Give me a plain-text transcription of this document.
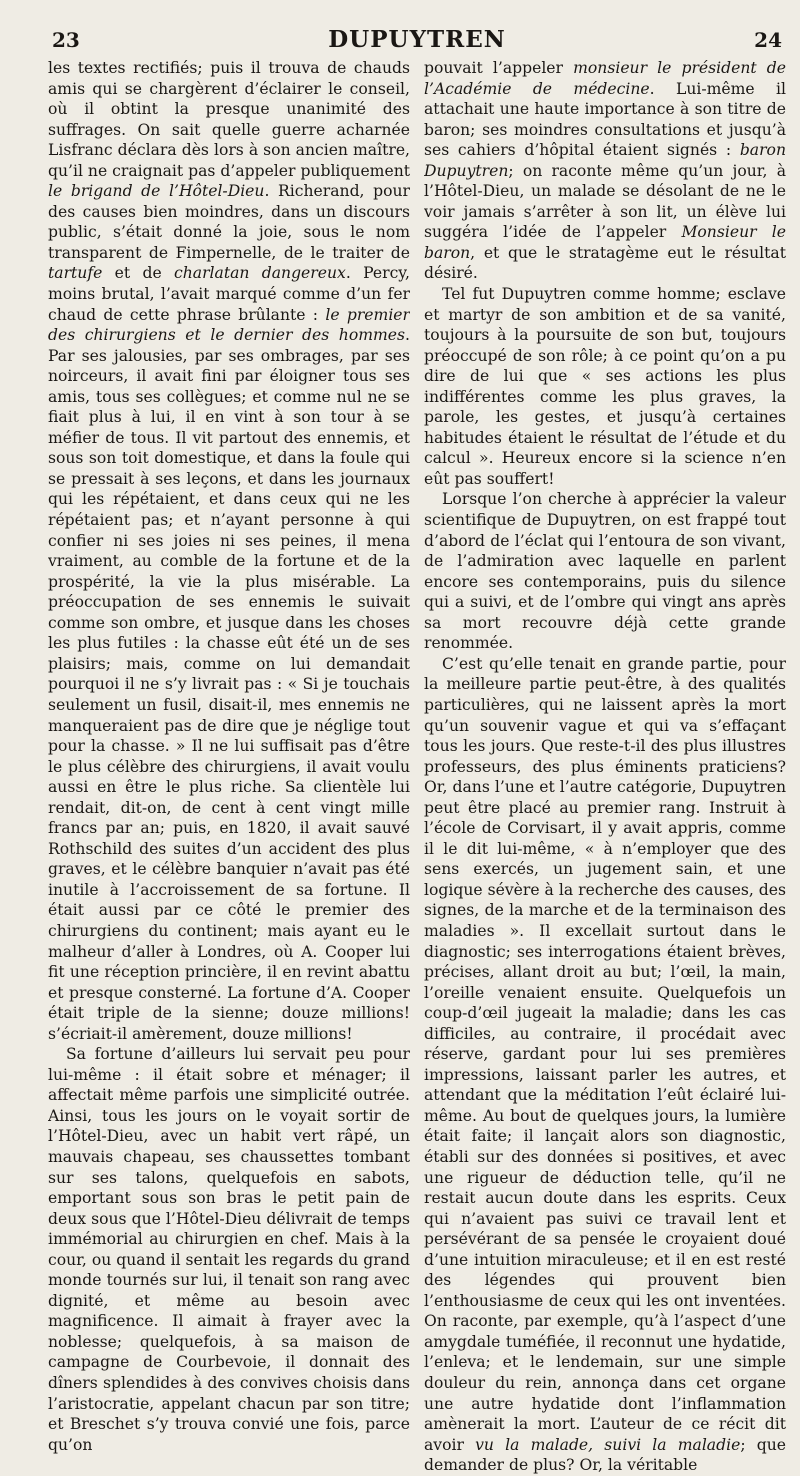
23	DUPUYTREN	24

les textes rectifiés; puis il trouva de chauds amis qui se chargèrent d’éclairer le conseil, où il obtint la presque unanimité des suffrages. On sait quelle guerre acharnée Lisfranc déclara dès lors à son ancien maître, qu’il ne craignait pas d’appeler publiquement le brigand de l’Hôtel-Dieu. Richerand, pour des causes bien moindres, dans un discours public, s’était donné la joie, sous le nom transparent de Fimpernelle, de le traiter de tartufe et de charlatan dangereux. Percy, moins brutal, l’avait marqué comme d’un fer chaud de cette phrase brûlante : le premier des chirurgiens et le dernier des hommes. Par ses jalousies, par ses ombrages, par ses noirceurs, il avait fini par éloigner tous ses amis, tous ses collègues; et comme nul ne se fiait plus à lui, il en vint à son tour à se méfier de tous. Il vit partout des ennemis, et sous son toit domestique, et dans la foule qui se pressait à ses leçons, et dans les journaux qui les répétaient, et dans ceux qui ne les répétaient pas; et n’ayant personne à qui confier ni ses joies ni ses peines, il mena vraiment, au comble de la fortune et de la prospérité, la vie la plus misérable. La préoccupation de ses ennemis le suivait comme son ombre, et jusque dans les choses les plus futiles : la chasse eût été un de ses plaisirs; mais, comme on lui demandait pourquoi il ne s’y livrait pas : « Si je touchais seulement un fusil, disait-il, mes ennemis ne manqueraient pas de dire que je néglige tout pour la chasse. » Il ne lui suffisait pas d’être le plus célèbre des chirurgiens, il avait voulu aussi en être le plus riche. Sa clientèle lui rendait, dit-on, de cent à cent vingt mille francs par an; puis, en 1820, il avait sauvé Rothschild des suites d’un accident des plus graves, et le célèbre banquier n’avait pas été inutile à l’accroissement de sa fortune. Il était aussi par ce côté le premier des chirurgiens du continent; mais ayant eu le malheur d’aller à Londres, où A. Cooper lui fit une réception princière, il en revint abattu et presque consterné. La fortune d’A. Cooper était triple de la sienne; douze millions! s’écriait-il amèrement, douze millions!

Sa fortune d’ailleurs lui servait peu pour lui-même : il était sobre et ménager; il affectait même parfois une simplicité outrée. Ainsi, tous les jours on le voyait sortir de l’Hôtel-Dieu, avec un habit vert râpé, un mauvais chapeau, ses chaussettes tombant sur ses talons, quelquefois en sabots, emportant sous son bras le petit pain de deux sous que l’Hôtel-Dieu délivrait de temps immémorial au chirurgien en chef. Mais à la cour, ou quand il sentait les regards du grand monde tournés sur lui, il tenait son rang avec dignité, et même au besoin avec magnificence. Il aimait à frayer avec la noblesse; quelquefois, à sa maison de campagne de Courbevoie, il donnait des dîners splendides à des convives choisis dans l’aristocratie, appelant chacun par son titre; et Breschet s’y trouva convié une fois, parce qu’on

pouvait l’appeler monsieur le président de l’Académie de médecine. Lui-même il attachait une haute importance à son titre de baron; ses moindres consultations et jusqu’à ses cahiers d’hôpital étaient signés : baron Dupuytren; on raconte même qu’un jour, à l’Hôtel-Dieu, un malade se désolant de ne le voir jamais s’arrêter à son lit, un élève lui suggéra l’idée de l’appeler Monsieur le baron, et que le stratagème eut le résultat désiré.

Tel fut Dupuytren comme homme; esclave et martyr de son ambition et de sa vanité, toujours à la poursuite de son but, toujours préoccupé de son rôle; à ce point qu’on a pu dire de lui que « ses actions les plus indifférentes comme les plus graves, la parole, les gestes, et jusqu’à certaines habitudes étaient le résultat de l’étude et du calcul ». Heureux encore si la science n’en eût pas souffert!

Lorsque l’on cherche à apprécier la valeur scientifique de Dupuytren, on est frappé tout d’abord de l’éclat qui l’entoura de son vivant, de l’admiration avec laquelle en parlent encore ses contemporains, puis du silence qui a suivi, et de l’ombre qui vingt ans après sa mort recouvre déjà cette grande renommée.

C’est qu’elle tenait en grande partie, pour la meilleure partie peut-être, à des qualités particulières, qui ne laissent après la mort qu’un souvenir vague et qui va s’effaçant tous les jours. Que reste-t-il des plus illustres professeurs, des plus éminents praticiens? Or, dans l’une et l’autre catégorie, Dupuytren peut être placé au premier rang. Instruit à l’école de Corvisart, il y avait appris, comme il le dit lui-même, « à n’employer que des sens exercés, un jugement sain, et une logique sévère à la recherche des causes, des signes, de la marche et de la terminaison des maladies ». Il excellait surtout dans le diagnostic; ses interrogations étaient brèves, précises, allant droit au but; l’œil, la main, l’oreille venaient ensuite. Quelquefois un coup-d’œil jugeait la maladie; dans les cas difficiles, au contraire, il procédait avec réserve, gardant pour lui ses premières impressions, laissant parler les autres, et attendant que la méditation l’eût éclairé lui-même. Au bout de quelques jours, la lumière était faite; il lançait alors son diagnostic, établi sur des données si positives, et avec une rigueur de déduction telle, qu’il ne restait aucun doute dans les esprits. Ceux qui n’avaient pas suivi ce travail lent et persévérant de sa pensée le croyaient doué d’une intuition miraculeuse; et il en est resté des légendes qui prouvent bien l’enthousiasme de ceux qui les ont inventées. On raconte, par exemple, qu’à l’aspect d’une amygdale tuméfiée, il reconnut une hydatide, l’enleva; et le lendemain, sur une simple douleur du rein, annonça dans cet organe une autre hydatide dont l’inflammation amènerait la mort. L’auteur de ce récit dit avoir vu la malade, suivi la maladie; que demander de plus? Or, la véritable
